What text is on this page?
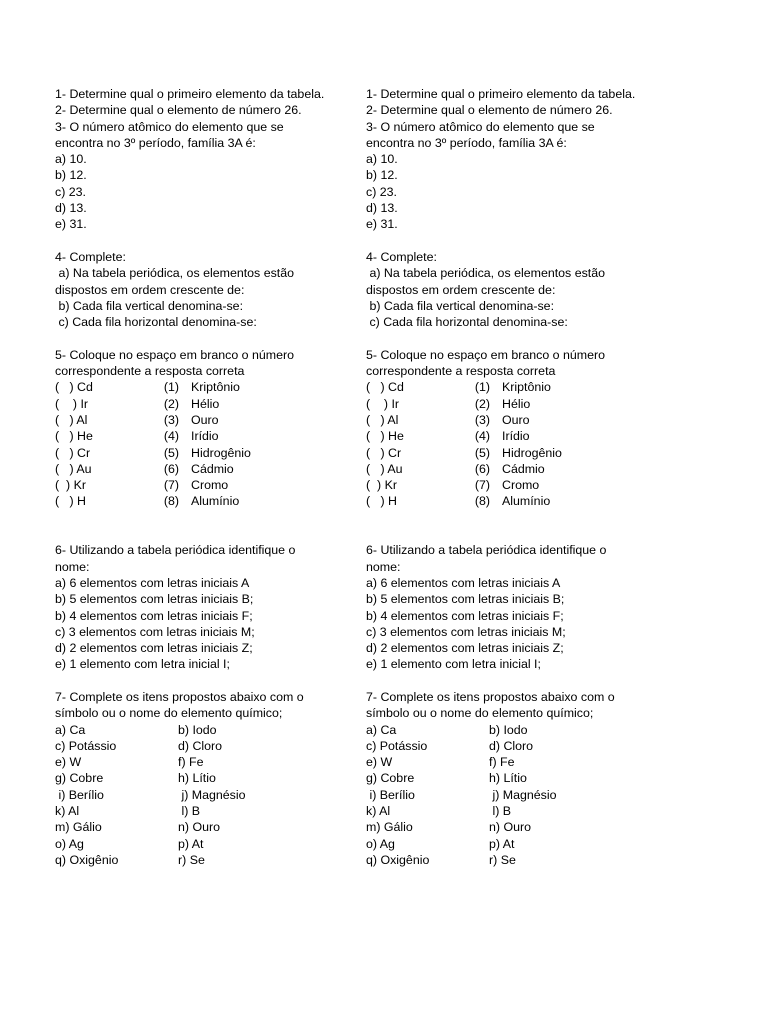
1- Determine qual o primeiro elemento da tabela.
2- Determine qual o elemento de número 26.
3- O número atômico do elemento que se
encontra no 3º período, família 3A é:
a) 10.
b) 12.
c) 23.
d) 13.
e) 31.
4- Complete:
a) Na tabela periódica, os elementos estão
dispostos em ordem crescente de:
b) Cada fila vertical denomina-se:
c) Cada fila horizontal denomina-se:
5- Coloque no espaço em branco o número
correspondente a resposta correta
(   ) Cd	(1) Kriptônio
(    ) Ir	(2) Hélio
(   ) Al	(3) Ouro
(   ) He	(4) Irídio
(   ) Cr	(5) Hidrogênio
(   ) Au	(6) Cádmio
(  ) Kr	(7) Cromo
(   ) H	(8) Alumínio
6- Utilizando a tabela periódica identifique o
nome:
a) 6 elementos com letras iniciais A
b) 5 elementos com letras iniciais B;
b) 4 elementos com letras iniciais F;
c) 3 elementos com letras iniciais M;
d) 2 elementos com letras iniciais Z;
e) 1 elemento com letra inicial I;
7- Complete os itens propostos abaixo com o
símbolo ou o nome do elemento químico;
a) Ca	b) Iodo
c) Potássio	d) Cloro
e) W	f) Fe
g) Cobre	h) Lítio
i) Berílio	j) Magnésio
k) Al	l) B
m) Gálio	n) Ouro
o) Ag	p) At
q) Oxigênio	r) Se
1- Determine qual o primeiro elemento da tabela.
2- Determine qual o elemento de número 26.
3- O número atômico do elemento que se
encontra no 3º período, família 3A é:
a) 10.
b) 12.
c) 23.
d) 13.
e) 31.
4- Complete:
a) Na tabela periódica, os elementos estão
dispostos em ordem crescente de:
b) Cada fila vertical denomina-se:
c) Cada fila horizontal denomina-se:
5- Coloque no espaço em branco o número
correspondente a resposta correta
(   ) Cd	(1) Kriptônio
(    ) Ir	(2) Hélio
(   ) Al	(3) Ouro
(   ) He	(4) Irídio
(   ) Cr	(5) Hidrogênio
(   ) Au	(6) Cádmio
(  ) Kr	(7) Cromo
(   ) H	(8) Alumínio
6- Utilizando a tabela periódica identifique o
nome:
a) 6 elementos com letras iniciais A
b) 5 elementos com letras iniciais B;
b) 4 elementos com letras iniciais F;
c) 3 elementos com letras iniciais M;
d) 2 elementos com letras iniciais Z;
e) 1 elemento com letra inicial I;
7- Complete os itens propostos abaixo com o
símbolo ou o nome do elemento químico;
a) Ca	b) Iodo
c) Potássio	d) Cloro
e) W	f) Fe
g) Cobre	h) Lítio
i) Berílio	j) Magnésio
k) Al	l) B
m) Gálio	n) Ouro
o) Ag	p) At
q) Oxigênio	r) Se
